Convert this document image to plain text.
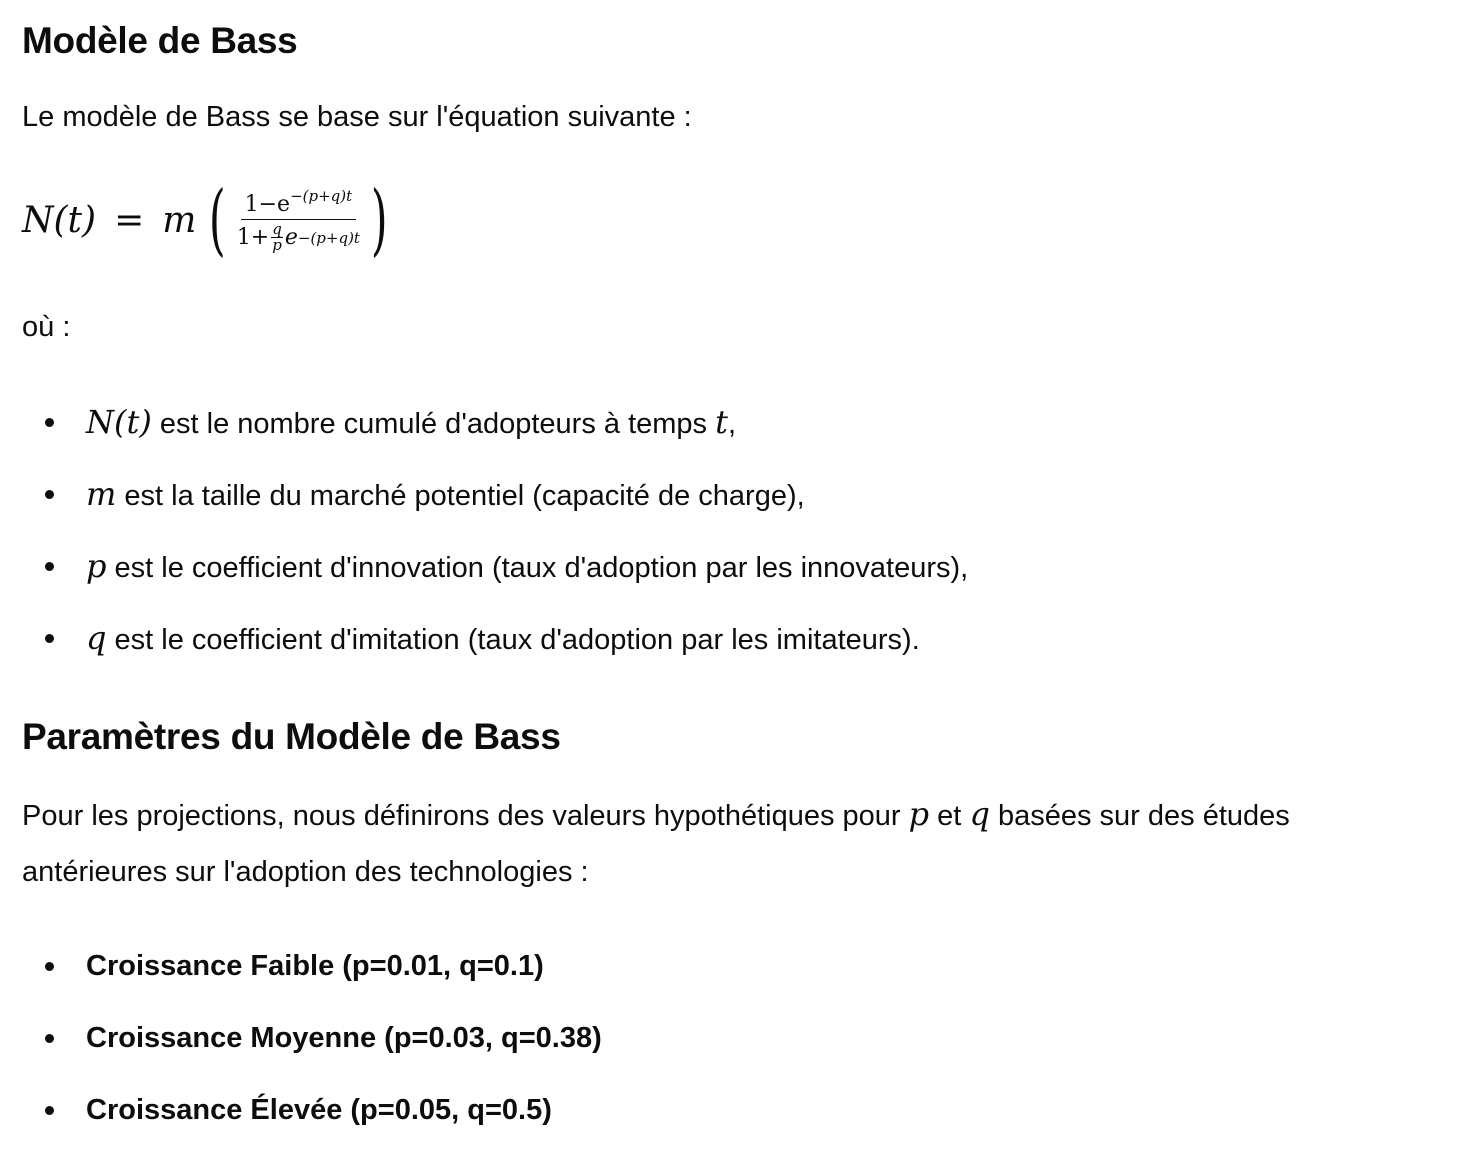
Modèle de Bass

Le modèle de Bass se base sur l'équation suivante :

N(t) = m ( $1-e^{-(p+q)t}$
$1+ \frac{q}{p}$ e −(p+q)t )

où :

N(t) est le nombre cumulé d'adopteurs à temps t,
m est la taille du marché potentiel (capacité de charge),
p est le coefficient d'innovation (taux d'adoption par les innovateurs),
q est le coefficient d'imitation (taux d'adoption par les imitateurs).
Paramètres du Modèle de Bass

Pour les projections, nous définirons des valeurs hypothétiques pour p et q basées sur des études antérieures sur l'adoption des technologies :

Croissance Faible (p=0.01, q=0.1)
Croissance Moyenne (p=0.03, q=0.38)
Croissance Élevée (p=0.05, q=0.5)
